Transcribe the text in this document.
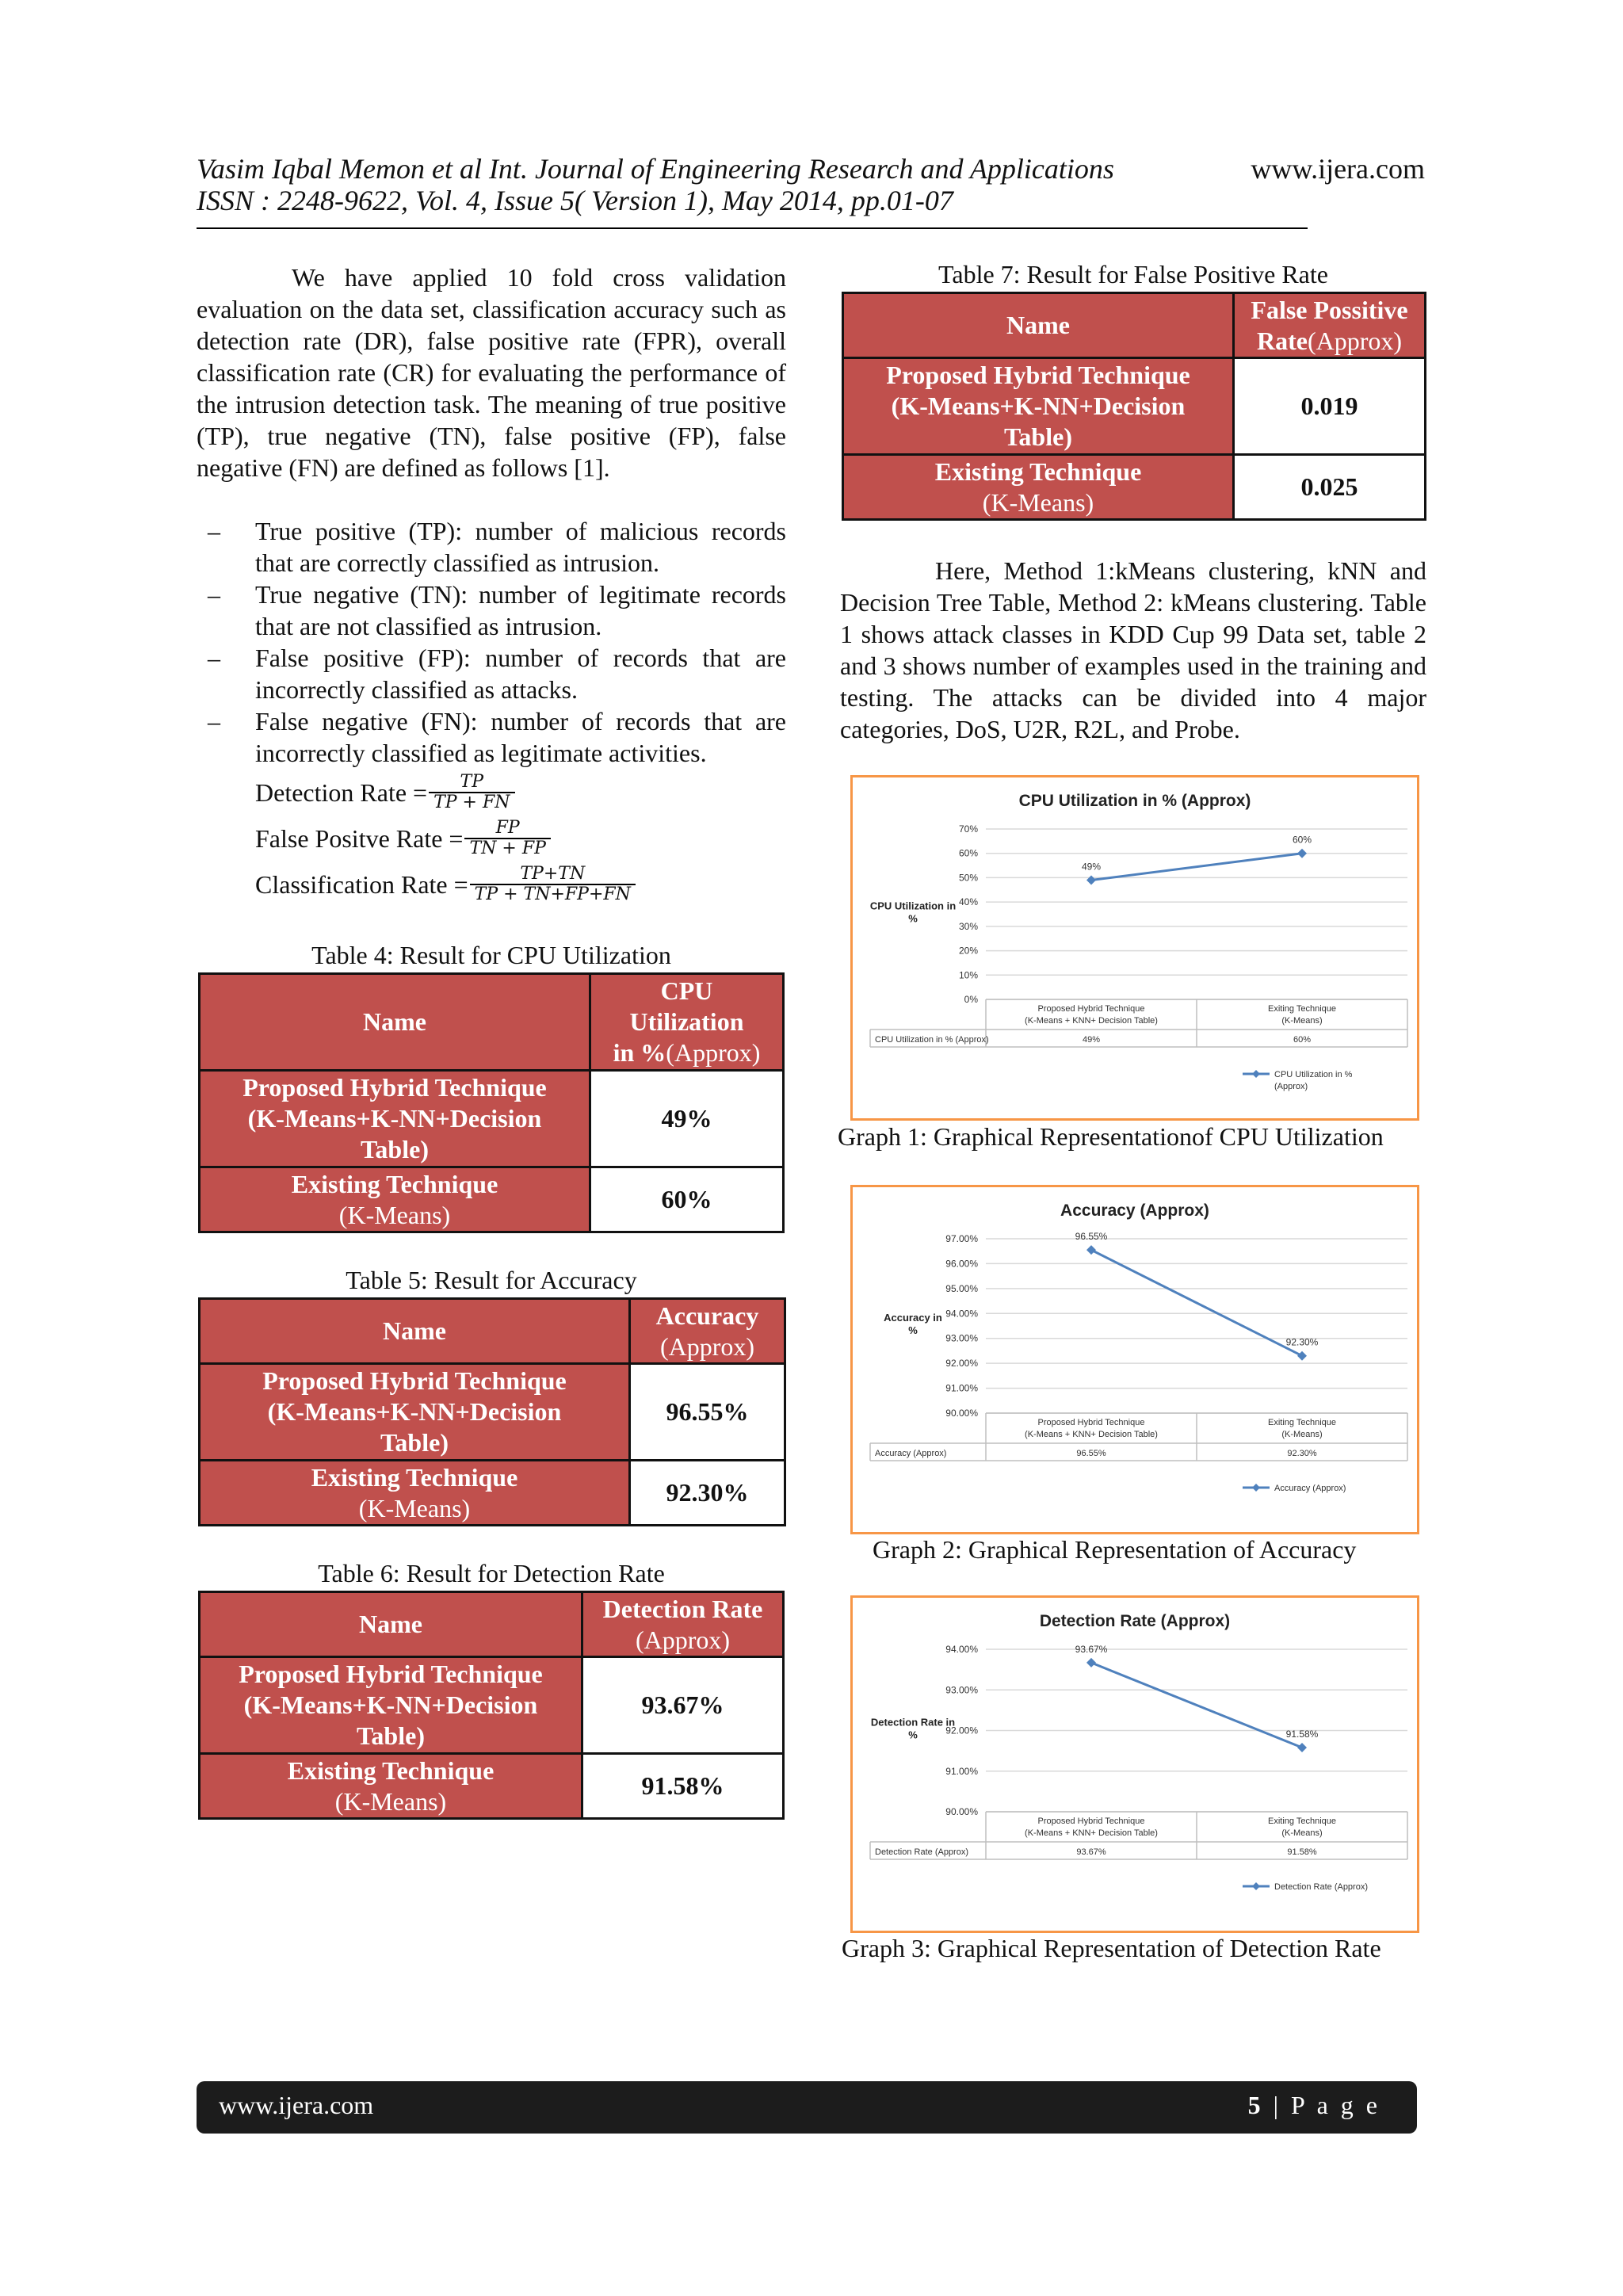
Vasim Iqbal Memon et al Int. Journal of Engineering Research and Applications
ISSN : 2248-9622, Vol. 4, Issue 5( Version 1), May 2014, pp.01-07
www.ijera.com

We have applied 10 fold cross validation evaluation on the data set, classification accuracy such as detection rate (DR), false positive rate (FPR), overall classification rate (CR) for evaluating the performance of the intrusion detection task. The meaning of true positive (TP), true negative (TN), false positive (FP), false negative (FN) are defined as follows [1].

– True positive (TP): number of malicious records that are correctly classified as intrusion.
– True negative (TN): number of legitimate records that are not classified as intrusion.
– False positive (FP): number of records that are incorrectly classified as attacks.
– False negative (FN): number of records that are incorrectly classified as legitimate activities.
Detection Rate = $\frac{TP}{TP + FN}$
False Positve Rate = $\frac{FP}{TN + FP}$
Classification Rate = $\frac{TP+TN}{TP + TN+FP+FN}$
Table 4: Result for CPU Utilization
Name	CPU
Utilization
in %(Approx)
Proposed Hybrid Technique
(K-Means+K-NN+Decision
Table)	49%
Existing Technique
(K-Means)	60%
Table 5: Result for Accuracy
Name	Accuracy
(Approx)
Proposed Hybrid Technique
(K-Means+K-NN+Decision
Table)	96.55%
Existing Technique
(K-Means)	92.30%
Table 6: Result for Detection Rate
Name	Detection Rate
(Approx)
Proposed Hybrid Technique
(K-Means+K-NN+Decision
Table)	93.67%
Existing Technique
(K-Means)	91.58%
Table 7: Result for False Positive Rate
Name	False Possitive
Rate(Approx)
Proposed Hybrid Technique
(K-Means+K-NN+Decision
Table)	0.019
Existing Technique
(K-Means)	0.025

Here, Method 1:kMeans clustering, kNN and Decision Tree Table, Method 2: kMeans clustering. Table 1 shows attack classes in KDD Cup 99 Data set, table 2 and 3 shows number of examples used in the training and testing. The attacks can be divided into 4 major categories, DoS, U2R, R2L, and Probe.

CPU Utilization in % (Approx)
0%
10%
20%
30%
40%
50%
60%
70%
CPU Utilization in
%
Proposed Hybrid Technique
(K-Means + KNN+ Decision Table)
49%
Exiting Technique
(K-Means)
60%
CPU Utilization in % (Approx)
49%
60%
CPU Utilization in %
(Approx)
Graph 1: Graphical Representationof CPU Utilization
Accuracy (Approx)
90.00%
91.00%
92.00%
93.00%
94.00%
95.00%
96.00%
97.00%
Accuracy in
%
Proposed Hybrid Technique
(K-Means + KNN+ Decision Table)
96.55%
Exiting Technique
(K-Means)
92.30%
Accuracy (Approx)
96.55%
92.30%
Accuracy (Approx)
Graph 2: Graphical Representation of Accuracy
Detection Rate (Approx)
90.00%
91.00%
92.00%
93.00%
94.00%
Detection Rate in
%
Proposed Hybrid Technique
(K-Means + KNN+ Decision Table)
93.67%
Exiting Technique
(K-Means)
91.58%
Detection Rate (Approx)
93.67%
91.58%
Detection Rate (Approx)
Graph 3: Graphical Representation of Detection Rate
www.ijera.com	5 | P a g e
